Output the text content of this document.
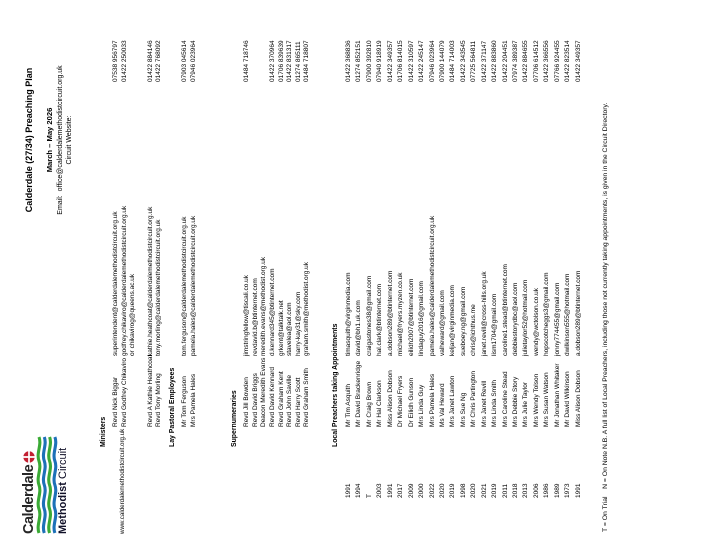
Calderdale Methodist Circuit	www.calderdalemethodistcircuit.org.uk
Calderdale (27/34) Preaching Plan March – May 2026 Email:  office@calderdalemethodistcircuit.org.uk Circuit Website:
Ministers
Revd Nick Biggar
superintendent@calderdalemethodistcircuit.org.uk
07538 956797
Revd Godfrey Chikaviro
godfrey.chikaviro@calderdalemethodistcircuit.org.uk
01422 250033
or chikavirog@queens.ac.uk
Revd A Kathie Heathcoat
kathie.heathcoat@calderdalemethodistcircuit.org.uk
01422 884146
Revd Tony Morling
tony.morling@calderdalemethodistcircuit.org.uk
01422 768092
Lay Pastoral Employees Mr Tom Ferguson
tom.ferguson@calderdalemethodistcircuit.org.uk
07903 045614
Mrs Pamela Hales
pamela.hales@calderdalemethodistcircuit.org.uk
07946 023964
Supernumeraries Revd Jill Bowden
jimstringfellow@tiscali.co.uk
01484 718746
Revd David Briggs
revdavid.b@btinternet.com
Deacon Meredith Evans
meredith.evans@methodist.org.uk
Revd David Kennard
d.kennard345@btinternet.com
01422 370964
Revd Graham Kent
grkent@talktalk.net
01706 839639
Revd John Saville
stavelea@aol.com
01422 831317
Revd Harry Scott
harry-kay31@sky.com
01274 865111
Revd Graham Smith
graham.smith@methodist.org.uk
01484 718807
Local Preachers taking Appointments
1991
Mr Tim Asquith
timasquith@virginmedia.com
01422 368836
1994
Mr David Brackenridge
david@bh1.uk.com
01274 852151
T
Mr Craig Brown
craigastones38@gmail.com
07900 392810
2003
Mr Hal Clarkson
hal.clark@btinternet.com
07940 918919
1991
Miss Alison Dobson
a.dobson289@btinternet.com
01422 349357
2017
Dr Michael Fryers
michael@fryers.myzen.co.uk
01706 814015
2009
Dr Eilidh Gunson
eilidh2007@btinternet.com
01422 310597
2000
Mrs Linda Guy
lindaguy2016@gmail.com
01422 245147
2022
Mrs Pamela Hales
pamela.hales@calderdalemethodistcircuit.org.uk
07946 023964
2020
Ms Val Heward
valheward@gmail.com
07900 144079
2019
Mrs Janet Lawton
keljan@virginmedia.com
01484 714003
1998
Mrs Sue Ng
sueboey.ng@gmail.com
01422 343545
2020
Mr Chris Partington
chris@ichthus.me
07725 564811
2021
Mrs Janet Revill
janet.revill@cross-hills.org.uk
01422 371147
2019
Mrs Linda Smith
lism1704@gmail.com
01422 883860
2011
Mrs Caroline Stead
caroline1.stead@btinternet.com
01422 204451
2018
Mrs Debbie Story
debbiestorydbc@aol.com
07974 389387
2013
Mrs Julie Taylor
julietaylor52@hotmail.com
01422 884655
2006
Mrs Wendy Tolson
wendy@wctolson.co.uk
07706 614512
1986
Mrs Susan Watson
hopscotcheggs3@gmail.com
01422 366556
1989
Mr Jonathan Whitaker
jonny774455@gmail.com
07766 924455
1973
Mr David Wilkinson
dwilkinson555@hotmail.com
01422 823514
1991
Miss Alison Dobson
a.dobson289@btinternet.com
01422 349357
T = On Trial    N = On Note N.B. A full list of Local Preachers, including those not currently taking appointments, is given in the Circuit Directory.
